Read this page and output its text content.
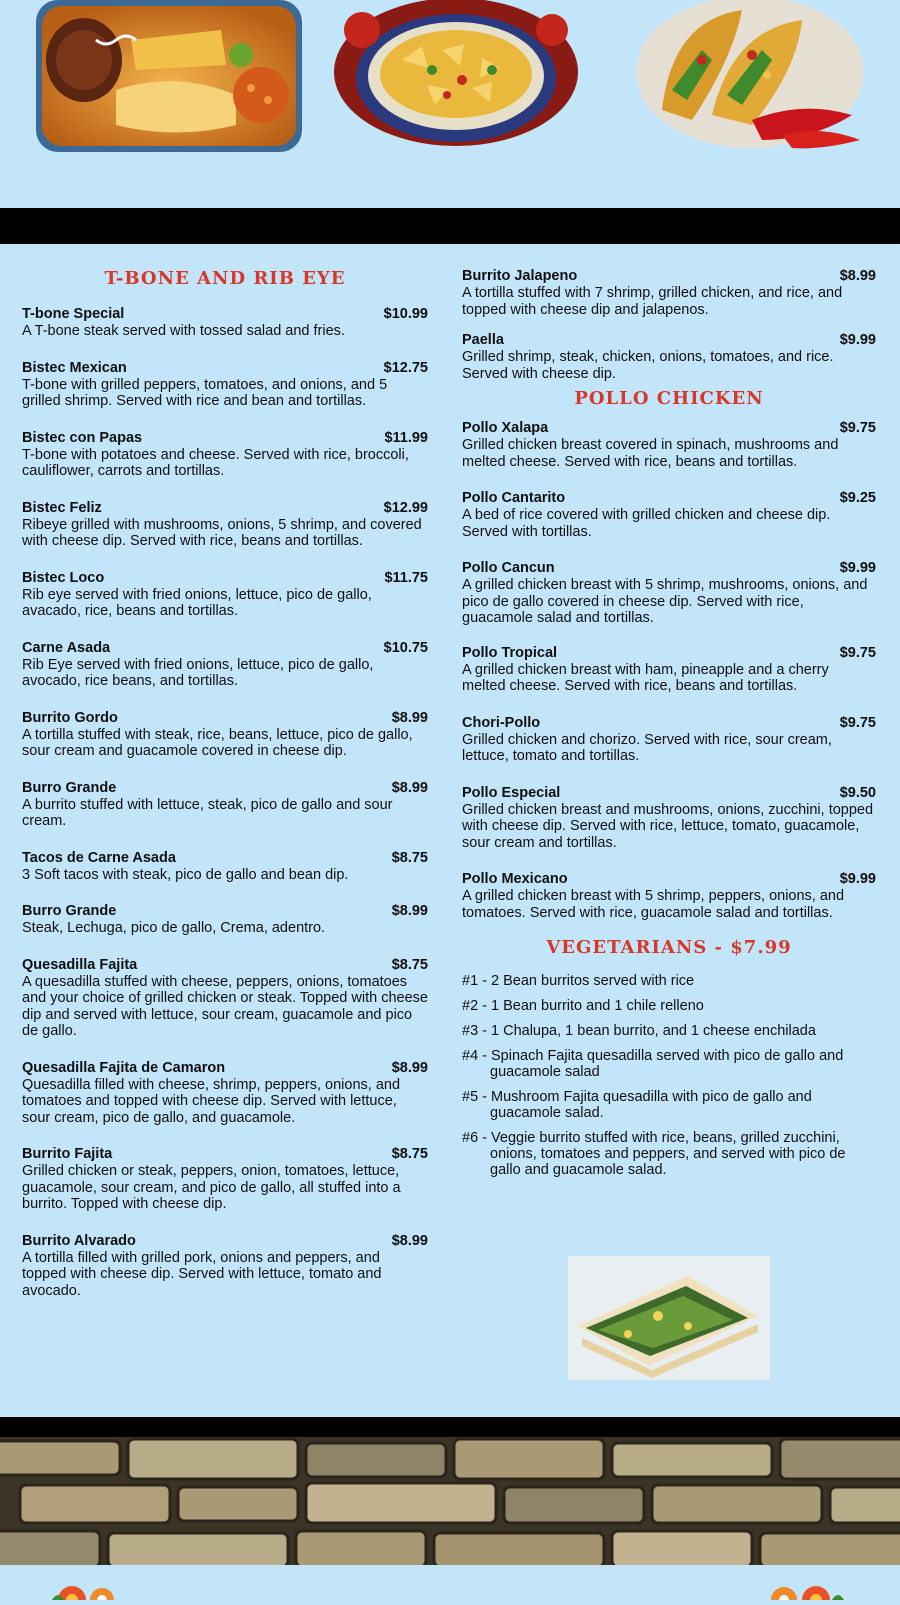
T-BONE AND RIB EYE
T-bone Special	$10.99
A T-bone steak served with tossed salad and fries.
Bistec Mexican	$12.75
T-bone with grilled peppers, tomatoes, and onions, and 5 grilled shrimp. Served with rice and bean and tortillas.
Bistec con Papas	$11.99
T-bone with potatoes and cheese. Served with rice, broccoli, cauliflower, carrots and tortillas.
Bistec Feliz	$12.99
Ribeye grilled with mushrooms, onions, 5 shrimp, and covered with cheese dip. Served with rice, beans and tortillas.
Bistec Loco	$11.75
Rib eye served with fried onions, lettuce, pico de gallo, avacado, rice, beans and tortillas.
Carne Asada	$10.75
Rib Eye served with fried onions, lettuce, pico de gallo, avocado, rice beans, and tortillas.
Burrito Gordo	$8.99
A tortilla stuffed with steak, rice, beans, lettuce, pico de gallo, sour cream and guacamole covered in cheese dip.
Burro Grande	$8.99
A burrito stuffed with lettuce, steak, pico de gallo and sour cream.
Tacos de Carne Asada	$8.75
3 Soft tacos with steak, pico de gallo and bean dip.
Burro Grande	$8.99
Steak, Lechuga, pico de gallo, Crema, adentro.
Quesadilla Fajita	$8.75
A quesadilla stuffed with cheese, peppers, onions, tomatoes and your choice of grilled chicken or steak. Topped with cheese dip and served with lettuce, sour cream, guacamole and pico de gallo.
Quesadilla Fajita de Camaron	$8.99
Quesadilla filled with cheese, shrimp, peppers, onions, and tomatoes and topped with cheese dip. Served with lettuce, sour cream, pico de gallo, and guacamole.
Burrito Fajita	$8.75
Grilled chicken or steak, peppers, onion, tomatoes, lettuce, guacamole, sour cream, and pico de gallo, all stuffed into a burrito. Topped with cheese dip.
Burrito Alvarado	$8.99
A tortilla filled with grilled pork, onions and peppers, and topped with cheese dip. Served with lettuce, tomato and avocado.
Burrito Jalapeno	$8.99
A tortilla stuffed with 7 shrimp, grilled chicken, and rice, and topped with cheese dip and jalapenos.
Paella	$9.99
Grilled shrimp, steak, chicken, onions, tomatoes, and rice. Served with cheese dip.
POLLO CHICKEN
Pollo Xalapa	$9.75
Grilled chicken breast covered in spinach, mushrooms and melted cheese. Served with rice, beans and tortillas.
Pollo Cantarito	$9.25
A bed of rice covered with grilled chicken and cheese dip. Served with tortillas.
Pollo Cancun	$9.99
A grilled chicken breast with 5 shrimp, mushrooms, onions, and pico de gallo covered in cheese dip. Served with rice, guacamole salad and tortillas.
Pollo Tropical	$9.75
A grilled chicken breast with ham, pineapple and a cherry melted cheese. Served with rice, beans and tortillas.
Chori-Pollo	$9.75
Grilled chicken and chorizo. Served with rice, sour cream, lettuce, tomato and tortillas.
Pollo Especial	$9.50
Grilled chicken breast and mushrooms, onions, zucchini, topped with cheese dip. Served with rice, lettuce, tomato, guacamole, sour cream and tortillas.
Pollo Mexicano	$9.99
A grilled chicken breast with 5 shrimp, peppers, onions, and tomatoes. Served with rice, guacamole salad and tortillas.
VEGETARIANS - $7.99
#1 - 2 Bean burritos served with rice
#2 - 1 Bean burrito and 1 chile relleno
#3 - 1 Chalupa, 1 bean burrito, and 1 cheese enchilada
#4 - Spinach Fajita quesadilla served with pico de gallo and guacamole salad
#5 - Mushroom Fajita quesadilla with pico de gallo and guacamole salad.
#6 - Veggie burrito stuffed with rice, beans, grilled zucchini, onions, tomatoes and peppers, and served with pico de gallo and guacamole salad.
